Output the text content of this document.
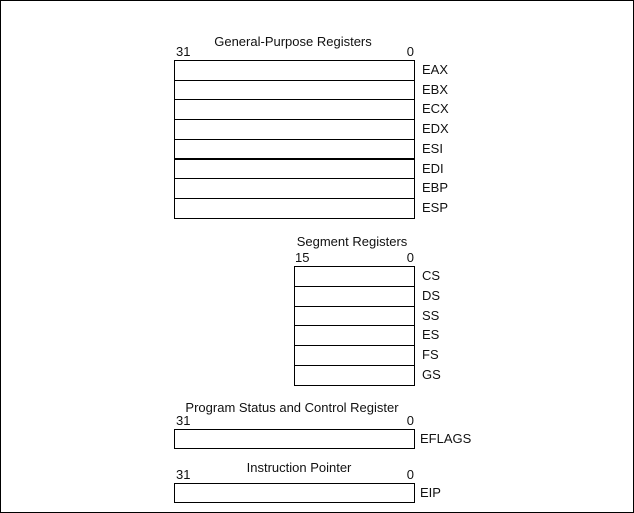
General-Purpose Registers
31	0
EAX
EBX
ECX
EDX
ESI
EDI
EBP
ESP
Segment Registers
15	0
CS
DS
SS
ES
FS
GS
Program Status and Control Register
31	0
EFLAGS
Instruction Pointer
31	0
EIP
